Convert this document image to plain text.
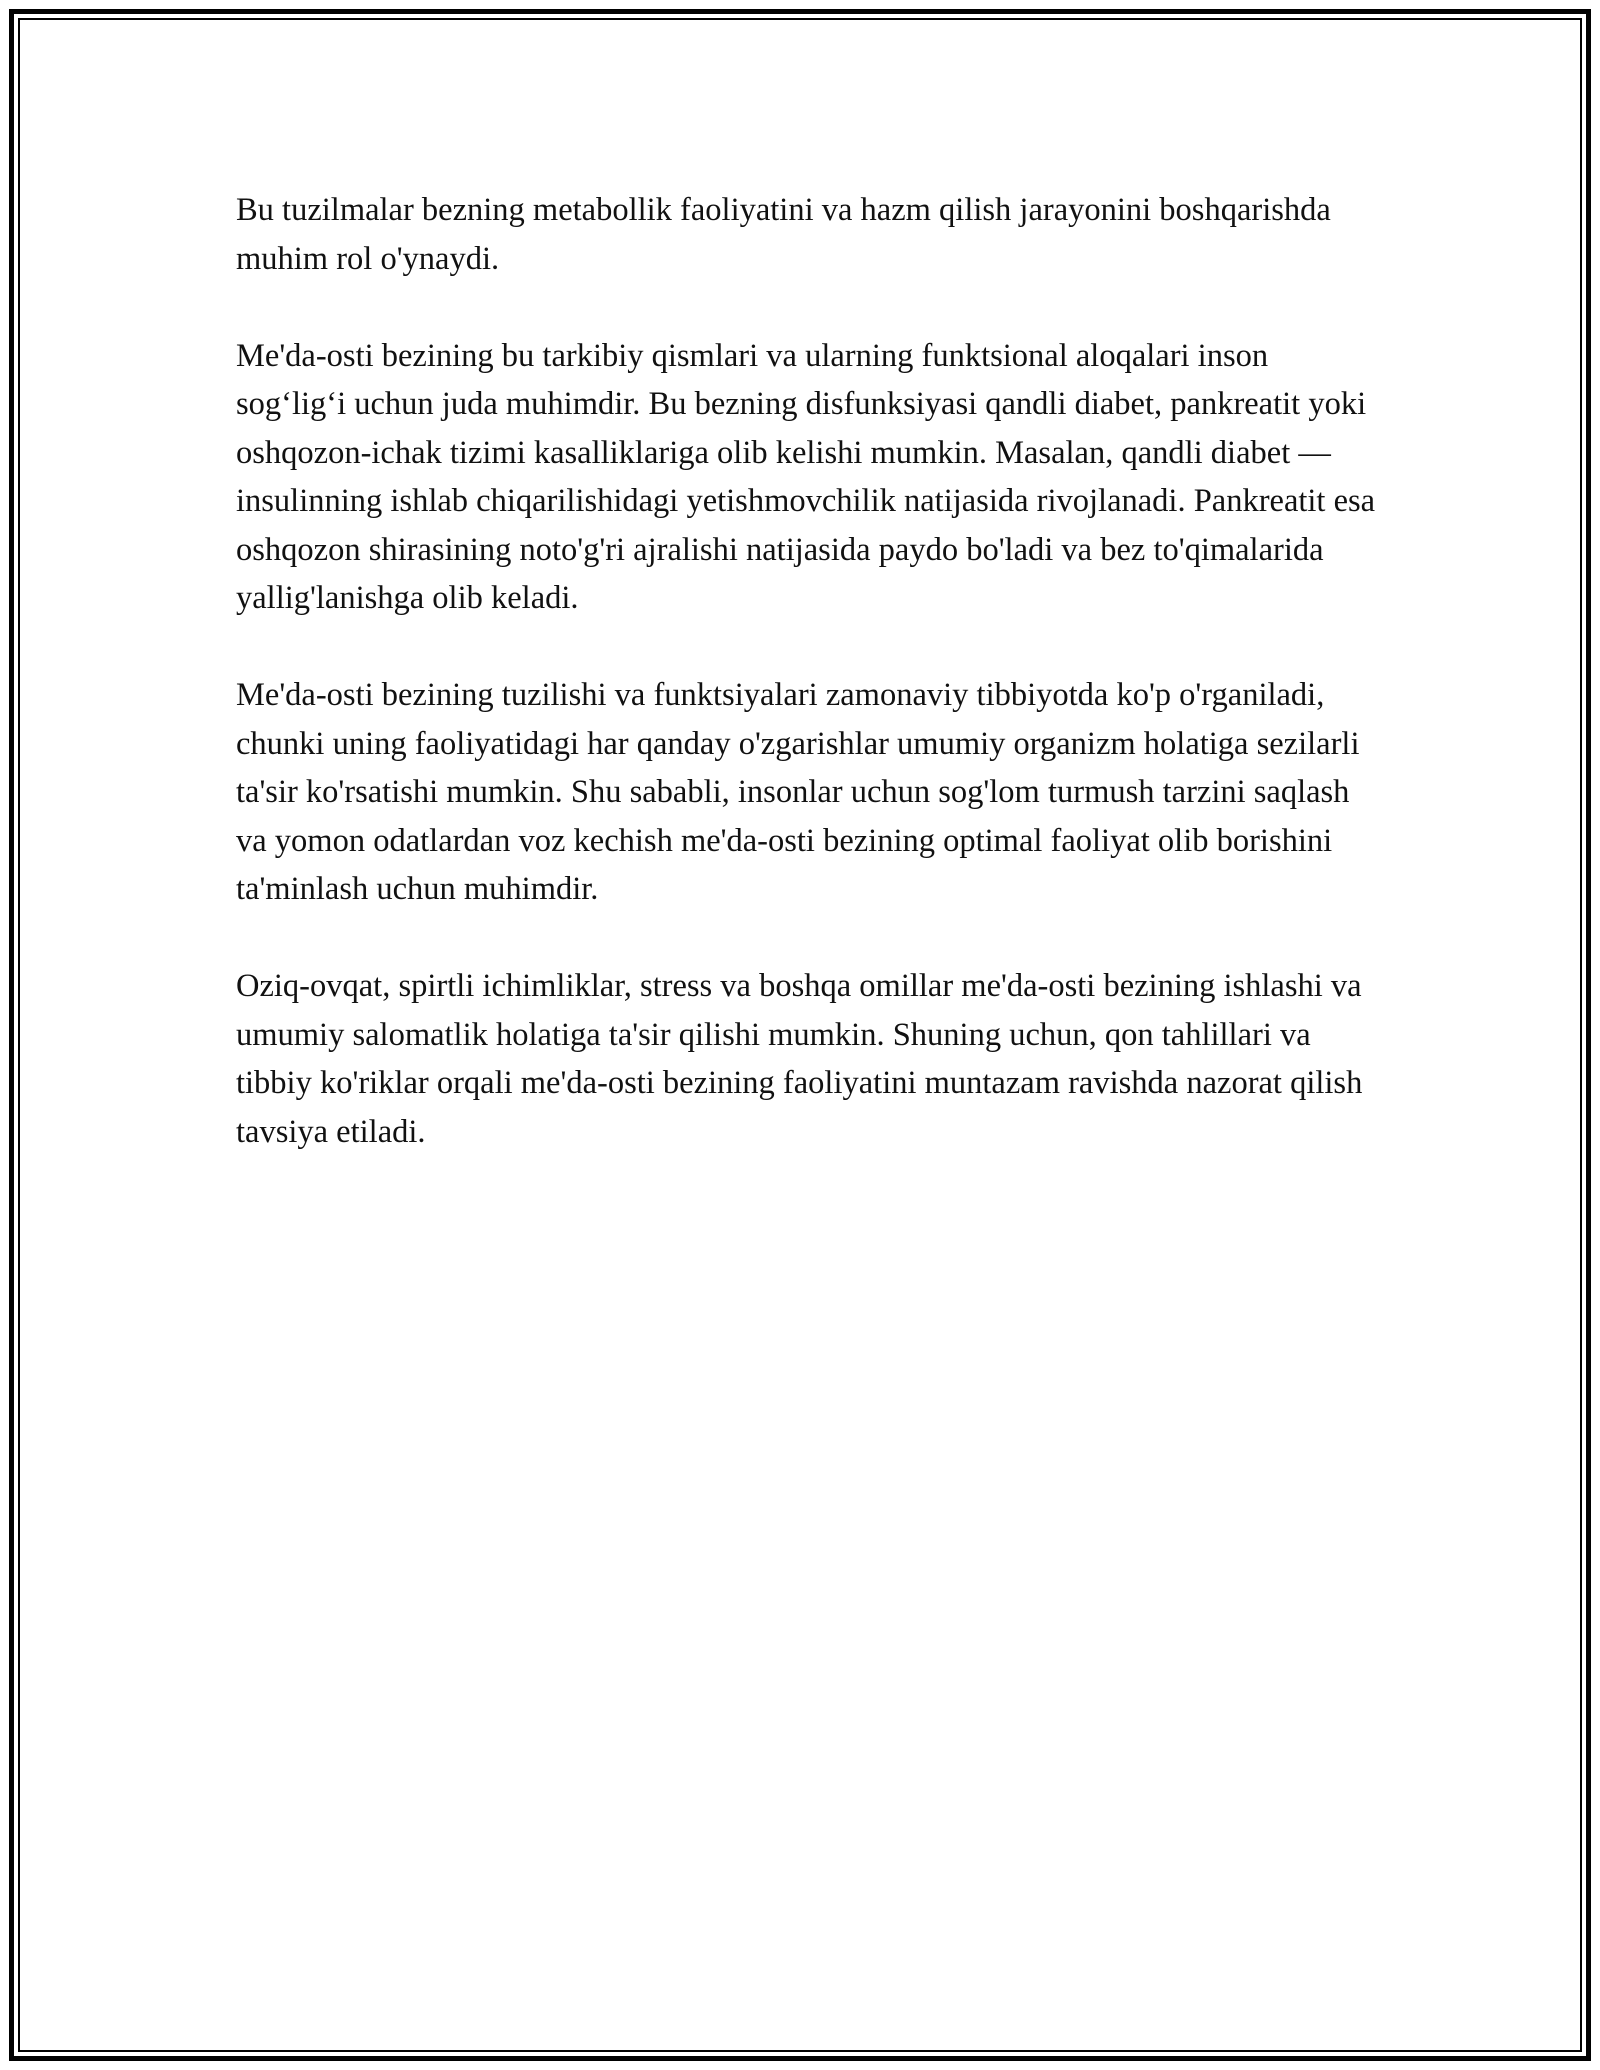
Bu tuzilmalar bezning metabollik faoliyatini va hazm qilish jarayonini boshqarishda muhim rol o'ynaydi.

Me'da-osti bezining bu tarkibiy qismlari va ularning funktsional aloqalari inson sog‘lig‘i uchun juda muhimdir. Bu bezning disfunksiyasi qandli diabet, pankreatit yoki oshqozon-ichak tizimi kasalliklariga olib kelishi mumkin. Masalan, qandli diabet — insulinning ishlab chiqarilishidagi yetishmovchilik natijasida rivojlanadi. Pankreatit esa oshqozon shirasining noto'g'ri ajralishi natijasida paydo bo'ladi va bez to'qimalarida yallig'lanishga olib keladi.

Me'da-osti bezining tuzilishi va funktsiyalari zamonaviy tibbiyotda ko'p o'rganiladi, chunki uning faoliyatidagi har qanday o'zgarishlar umumiy organizm holatiga sezilarli ta'sir ko'rsatishi mumkin. Shu sababli, insonlar uchun sog'lom turmush tarzini saqlash va yomon odatlardan voz kechish me'da-osti bezining optimal faoliyat olib borishini ta'minlash uchun muhimdir.

Oziq-ovqat, spirtli ichimliklar, stress va boshqa omillar me'da-osti bezining ishlashi va umumiy salomatlik holatiga ta'sir qilishi mumkin. Shuning uchun, qon tahlillari va tibbiy ko'riklar orqali me'da-osti bezining faoliyatini muntazam ravishda nazorat qilish tavsiya etiladi.
